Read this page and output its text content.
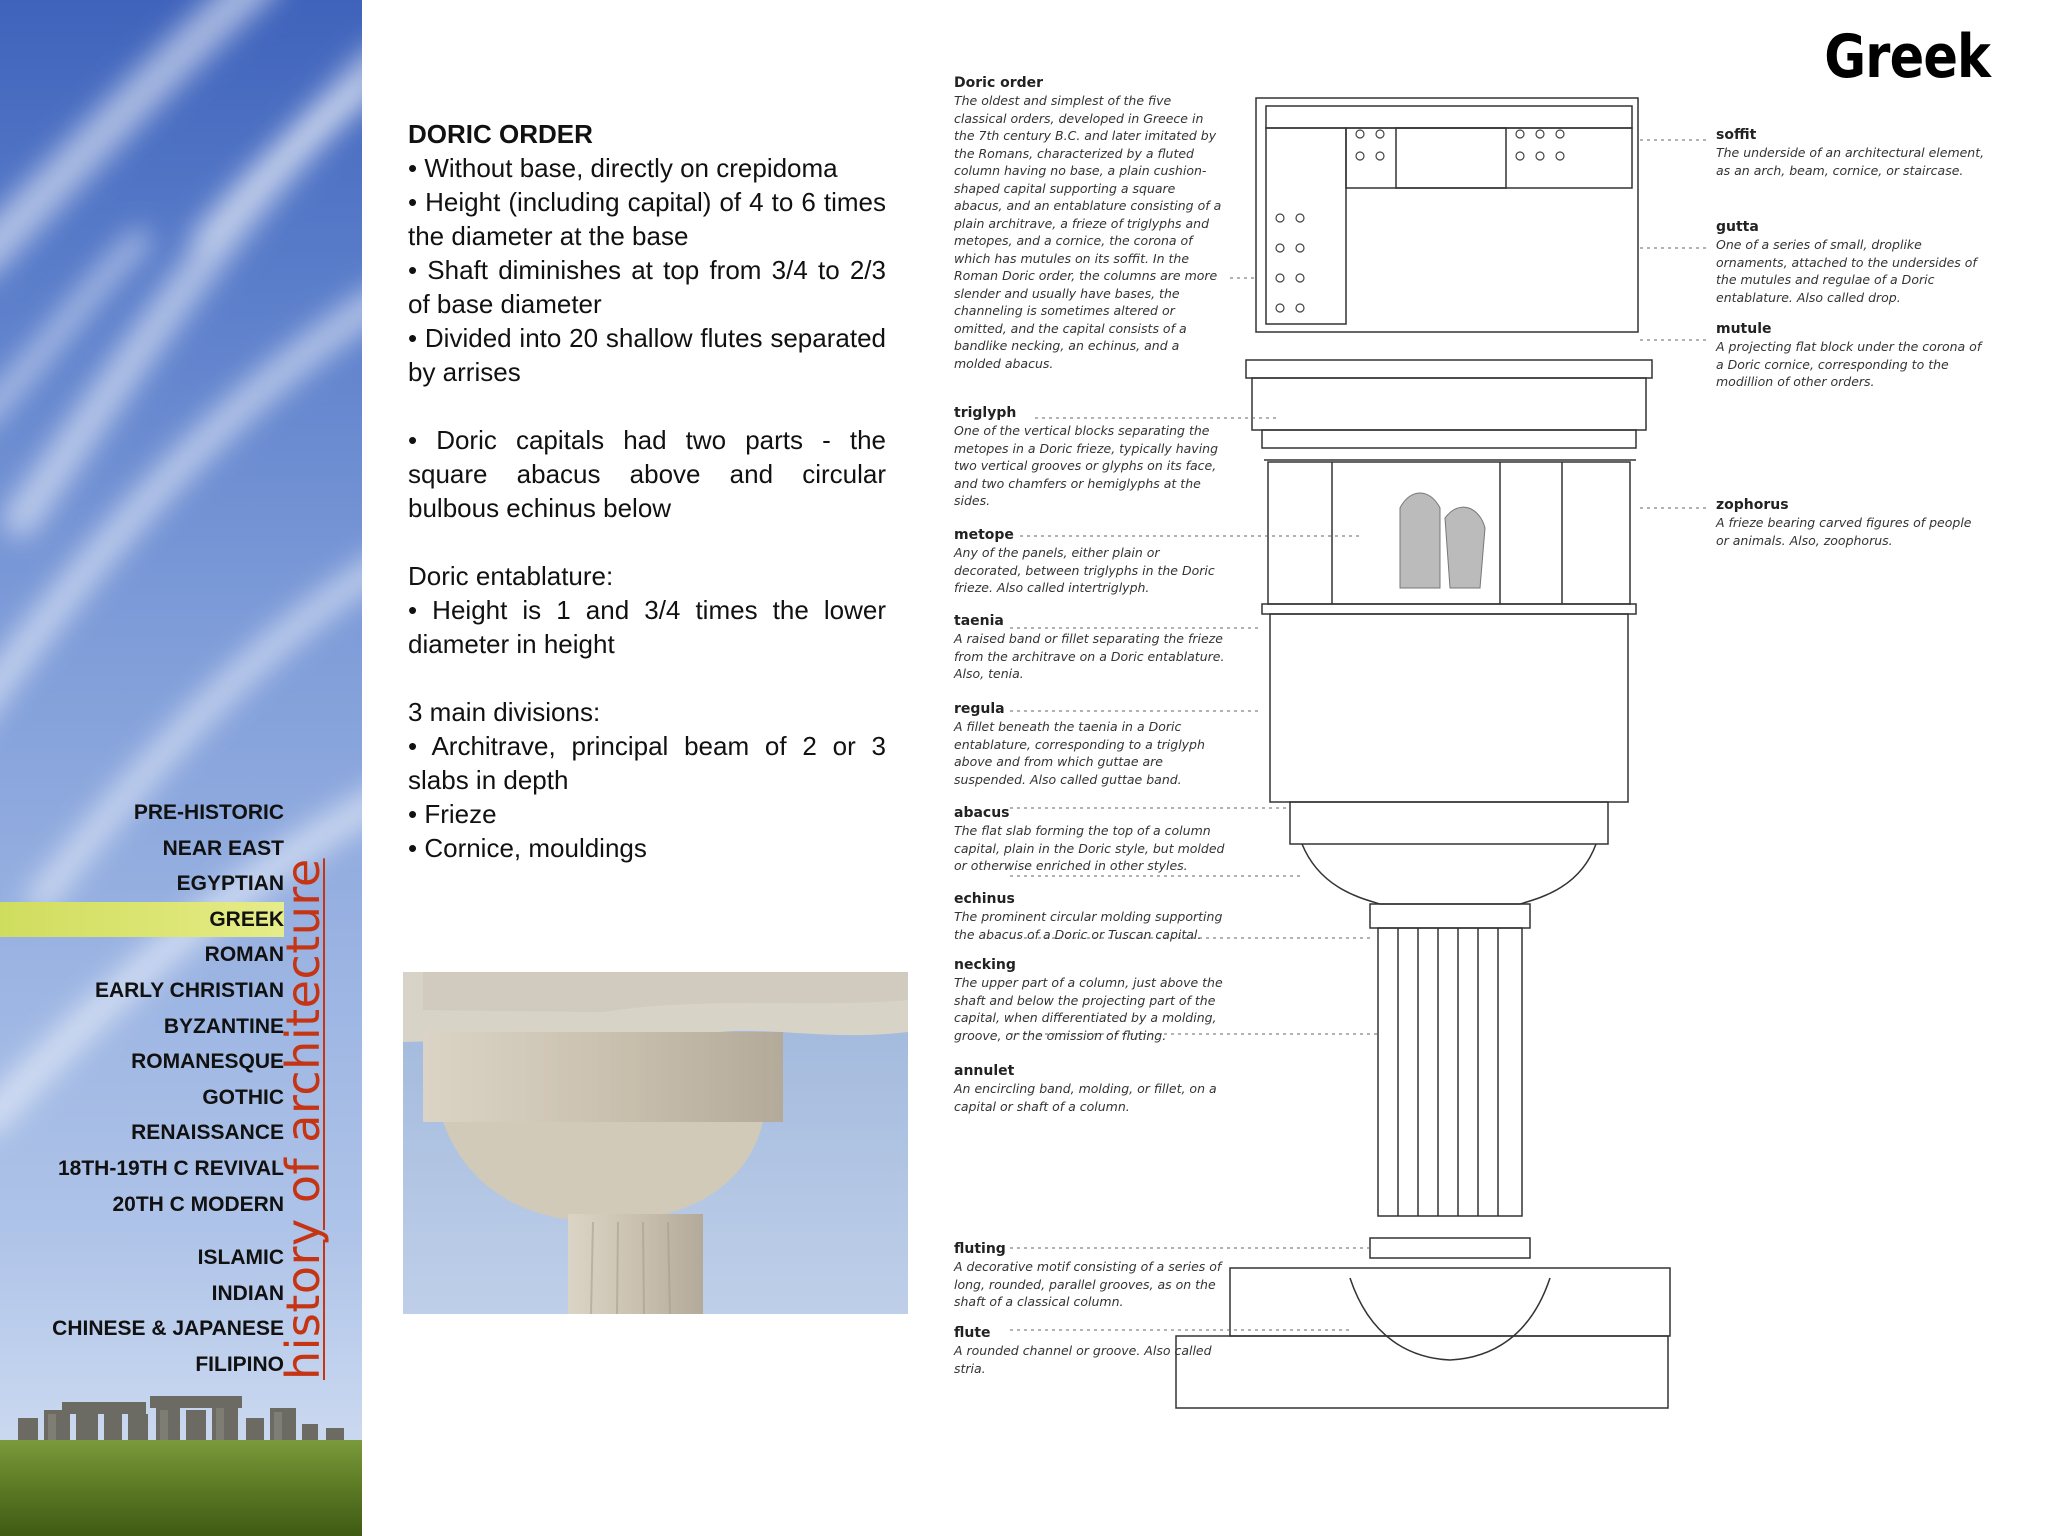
PRE-HISTORIC
NEAR EAST
EGYPTIAN
GREEK
ROMAN
EARLY CHRISTIAN
BYZANTINE
ROMANESQUE
GOTHIC
RENAISSANCE
18TH-19TH C REVIVAL
20TH C MODERN
ISLAMIC
INDIAN
CHINESE & JAPANESE
FILIPINO
history of architecture
Greek

DORIC ORDER

• Without base, directly on crepidoma

• Height (including capital) of 4 to 6 times the diameter at the base

• Shaft diminishes at top from 3/4 to 2/3 of base diameter

• Divided into 20 shallow flutes separated by arrises

• Doric capitals had two parts - the square abacus above and circular bulbous echinus below

Doric entablature:

• Height is 1 and 3/4 times the lower diameter in height

3 main divisions:

• Architrave, principal beam of 2 or 3 slabs in depth

• Frieze

• Cornice, mouldings

Doric order
The oldest and simplest of the five classical orders, developed in Greece in the 7th century B.C. and later imitated by the Romans, characterized by a fluted column having no base, a plain cushion-shaped capital supporting a square abacus, and an entablature consisting of a plain architrave, a frieze of triglyphs and metopes, and a cornice, the corona of which has mutules on its soffit. In the Roman Doric order, the columns are more slender and usually have bases, the channeling is sometimes altered or omitted, and the capital consists of a bandlike necking, an echinus, and a molded abacus.
triglyph
One of the vertical blocks separating the metopes in a Doric frieze, typically having two vertical grooves or glyphs on its face, and two chamfers or hemiglyphs at the sides.
metope
Any of the panels, either plain or decorated, between triglyphs in the Doric frieze. Also called intertriglyph.
taenia
A raised band or fillet separating the frieze from the architrave on a Doric entablature. Also, tenia.
regula
A fillet beneath the taenia in a Doric entablature, corresponding to a triglyph above and from which guttae are suspended. Also called guttae band.
abacus
The flat slab forming the top of a column capital, plain in the Doric style, but molded or otherwise enriched in other styles.
echinus
The prominent circular molding supporting the abacus of a Doric or Tuscan capital.
necking
The upper part of a column, just above the shaft and below the projecting part of the capital, when differentiated by a molding, groove, or the omission of fluting.
annulet
An encircling band, molding, or fillet, on a capital or shaft of a column.
fluting
A decorative motif consisting of a series of long, rounded, parallel grooves, as on the shaft of a classical column.
flute
A rounded channel or groove. Also called stria.
soffit
The underside of an architectural element, as an arch, beam, cornice, or staircase.
gutta
One of a series of small, droplike ornaments, attached to the undersides of the mutules and regulae of a Doric entablature. Also called drop.
mutule
A projecting flat block under the corona of a Doric cornice, corresponding to the modillion of other orders.
zophorus
A frieze bearing carved figures of people or animals. Also, zoophorus.
